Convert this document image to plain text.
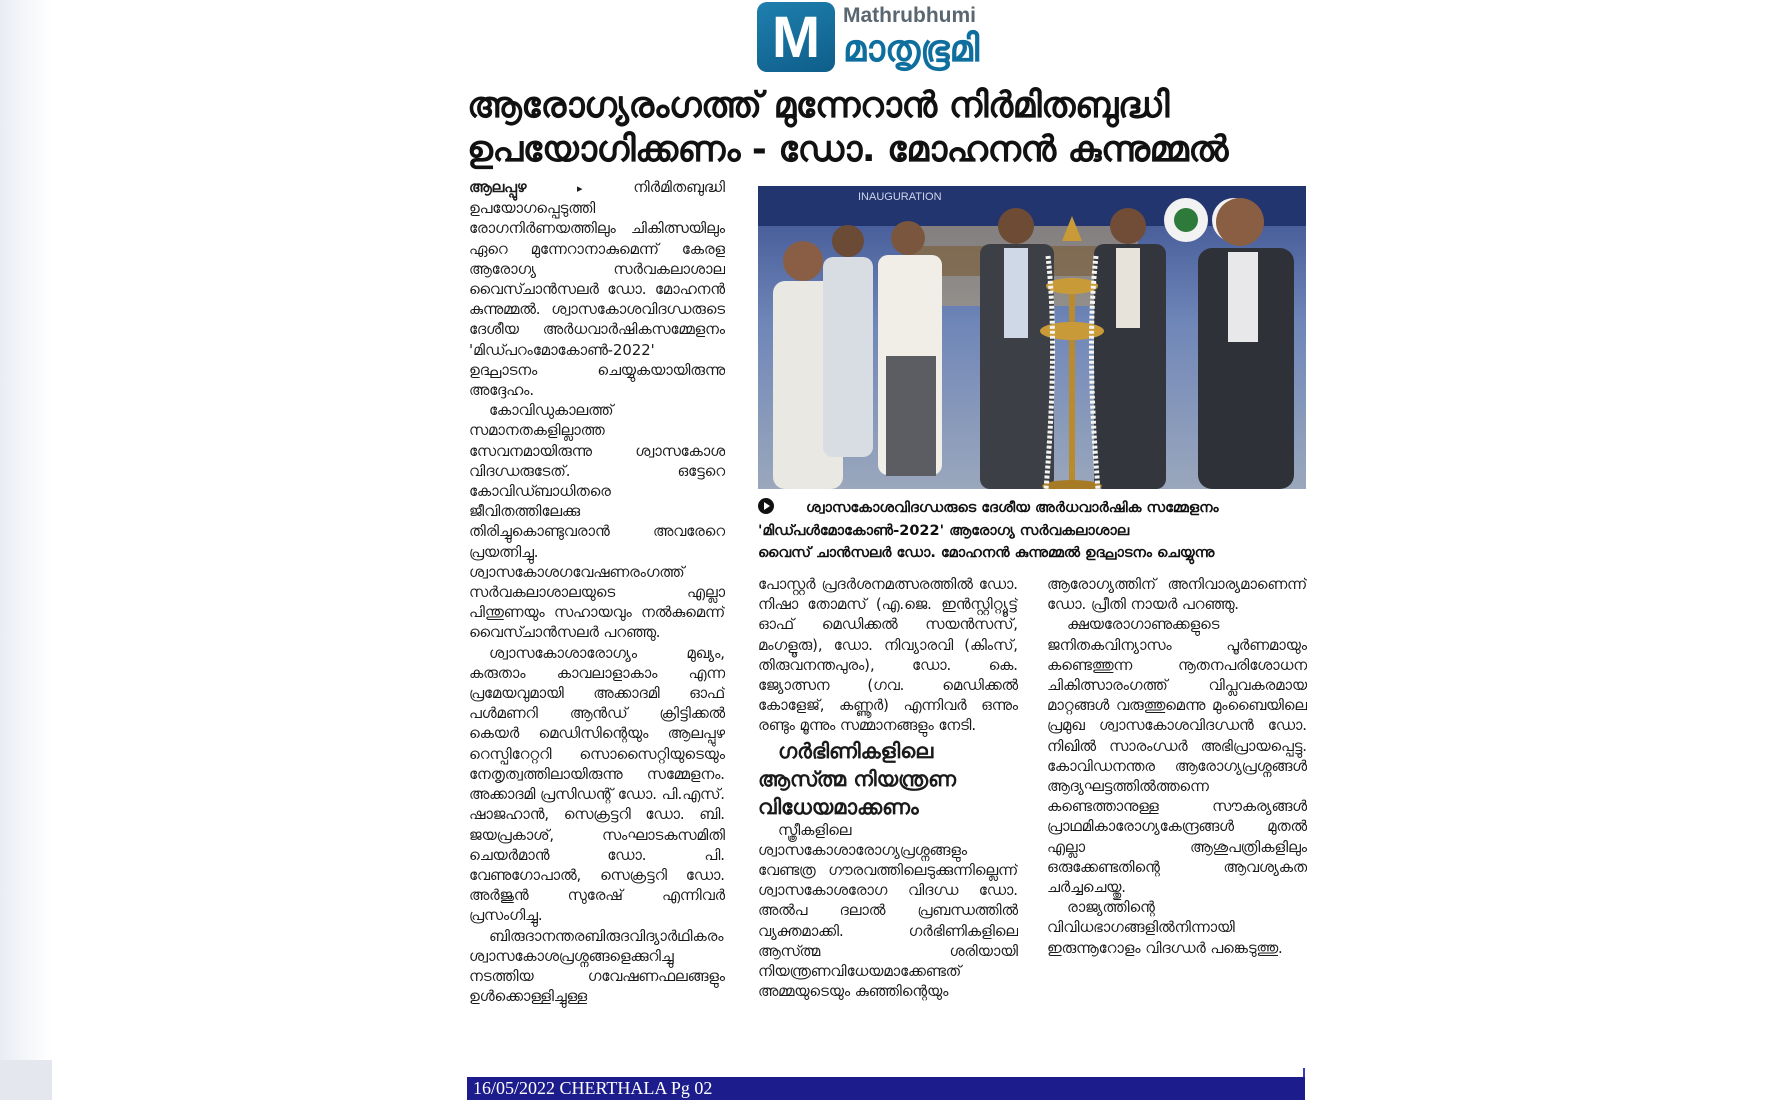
M	Mathrubhumi
മാതൃഭൂമി
ആരോഗ്യരംഗത്ത് മുന്നേറാൻ നിർമിതബുദ്ധി
ഉപയോഗിക്കണം - ഡോ. മോഹനൻ കുന്നുമ്മൽ

ആലപ്പുഴ ▸ നിർമിതബുദ്ധി ഉപയോഗപ്പെടുത്തി രോഗനിർണയത്തിലും ചികിത്സയിലും ഏറെ മുന്നേറാനാകുമെന്ന് കേരള ആരോഗ്യ സർവകലാശാല വൈസ്ചാൻസലർ ഡോ. മോഹനൻ കുന്നുമ്മൽ. ശ്വാസകോശവിദഗ്ധരുടെ ദേശീയ അർധവാർഷികസമ്മേളനം 'മിഡ്പറംമോകോൺ-2022' ഉദ്ഘാടനം ചെയ്യുകയായിരുന്നു അദ്ദേഹം.

കോവിഡുകാലത്ത് സമാനതകളില്ലാത്ത സേവനമായിരുന്നു ശ്വാസകോശ വിദഗ്ധരുടേത്. ഒട്ടേറെ കോവിഡ്ബാധിതരെ ജീവിതത്തിലേക്കു തിരിച്ചുകൊണ്ടുവരാൻ അവരേറെ പ്രയത്നിച്ചു. ശ്വാസകോശഗവേഷണരംഗത്ത് സർവകലാശാലയുടെ എല്ലാ പിന്തുണയും സഹായവും നൽകുമെന്ന് വൈസ്ചാൻസലർ പറഞ്ഞു.

ശ്വാസകോശാരോഗ്യം മുഖ്യം, കരുതാം കാവലാളാകാം എന്ന പ്രമേയവുമായി അക്കാദമി ഓഫ് പൾമണറി ആൻഡ് ക്രിട്ടിക്കൽ കെയർ മെഡിസിന്റെയും ആലപ്പുഴ റെസ്പിറേറ്ററി സൊസൈറ്റിയുടെയും നേതൃത്വത്തിലായിരുന്നു സമ്മേളനം. അക്കാദമി പ്രസിഡന്റ് ഡോ. പി.എസ്. ഷാജഹാൻ, സെക്രട്ടറി ഡോ. ബി. ജയപ്രകാശ്, സംഘാടകസമിതി ചെയർമാൻ ഡോ. പി. വേണുഗോപാൽ, സെക്രട്ടറി ഡോ. അർജുൻ സുരേഷ് എന്നിവർ പ്രസംഗിച്ചു.

ബിരുദാനന്തരബിരുദവിദ്യാർഥികരം ശ്വാസകോശപ്രശ്നങ്ങളെക്കുറിച്ചു നടത്തിയ ഗവേഷണഫലങ്ങളും ഉൾക്കൊള്ളിച്ചുള്ള

INAUGURATION
ശ്വാസകോശവിദഗ്ധരുടെ ദേശീയ അർധവാർഷിക സമ്മേളനം
'മിഡ്പൾമോകോൺ-2022' ആരോഗ്യ സർവകലാശാല
വൈസ് ചാൻസലർ ഡോ. മോഹനൻ കുന്നുമ്മൽ ഉദ്ഘാടനം ചെയ്യുന്നു

പോസ്റ്റർ പ്രദർശനമത്സരത്തിൽ ഡോ. നിഷാ തോമസ് (എ.ജെ. ഇൻസ്റ്റിറ്റ്യൂട്ട് ഓഫ് മെഡിക്കൽ സയൻസസ്, മംഗളൂരു), ഡോ. നിവ്യാരവി (കിംസ്, തിരുവനന്തപുരം), ഡോ. കെ. ജ്യോത്സന (ഗവ. മെഡിക്കൽ കോളേജ്, കണ്ണൂർ) എന്നിവർ ഒന്നും രണ്ടും മൂന്നും സമ്മാനങ്ങളും നേടി.

ഗർഭിണികളിലെ ആസ്ത്മ നിയന്ത്രണ വിധേയമാക്കണം

സ്ത്രീകളിലെ ശ്വാസകോശാരോഗ്യപ്രശ്നങ്ങളും വേണ്ടത്ര ഗൗരവത്തിലെടുക്കുന്നില്ലെന്ന് ശ്വാസകോശരോഗ വിദഗ്ധ ഡോ. അൽപ ദലാൽ പ്രബന്ധത്തിൽ വ്യക്തമാക്കി. ഗർഭിണികളിലെ ആസ്ത്മ ശരിയായി നിയന്ത്രണവിധേയമാക്കേണ്ടത് അമ്മയുടെയും കുഞ്ഞിന്റെയും

ആരോഗ്യത്തിന് അനിവാര്യമാണെന്ന് ഡോ. പ്രീതി നായർ പറഞ്ഞു.

ക്ഷയരോഗാണുക്കളുടെ ജനിതകവിന്യാസം പൂർണമായും കണ്ടെത്തുന്ന നൂതനപരിശോധന ചികിത്സാരംഗത്ത് വിപ്ലവകരമായ മാറ്റങ്ങൾ വരുത്തുമെന്നു മുംബൈയിലെ പ്രമുഖ ശ്വാസകോശവിദഗ്ധൻ ഡോ. നിഖിൽ സാരംഗ്ധർ അഭിപ്രായപ്പെട്ടു. കോവിഡനന്തര ആരോഗ്യപ്രശ്നങ്ങൾ ആദ്യഘട്ടത്തിൽത്തന്നെ കണ്ടെത്താനുള്ള സൗകര്യങ്ങൾ പ്രാഥമികാരോഗ്യകേന്ദ്രങ്ങൾ മുതൽ എല്ലാ ആശുപത്രികളിലും ഒരുക്കേണ്ടതിന്റെ ആവശ്യകത ചർച്ചചെയ്തു.

രാജ്യത്തിന്റെ വിവിധഭാഗങ്ങളിൽനിന്നായി ഇരുന്നൂറോളം വിദഗ്ധർ പങ്കെടുത്തു.

16/05/2022 CHERTHALA Pg 02
